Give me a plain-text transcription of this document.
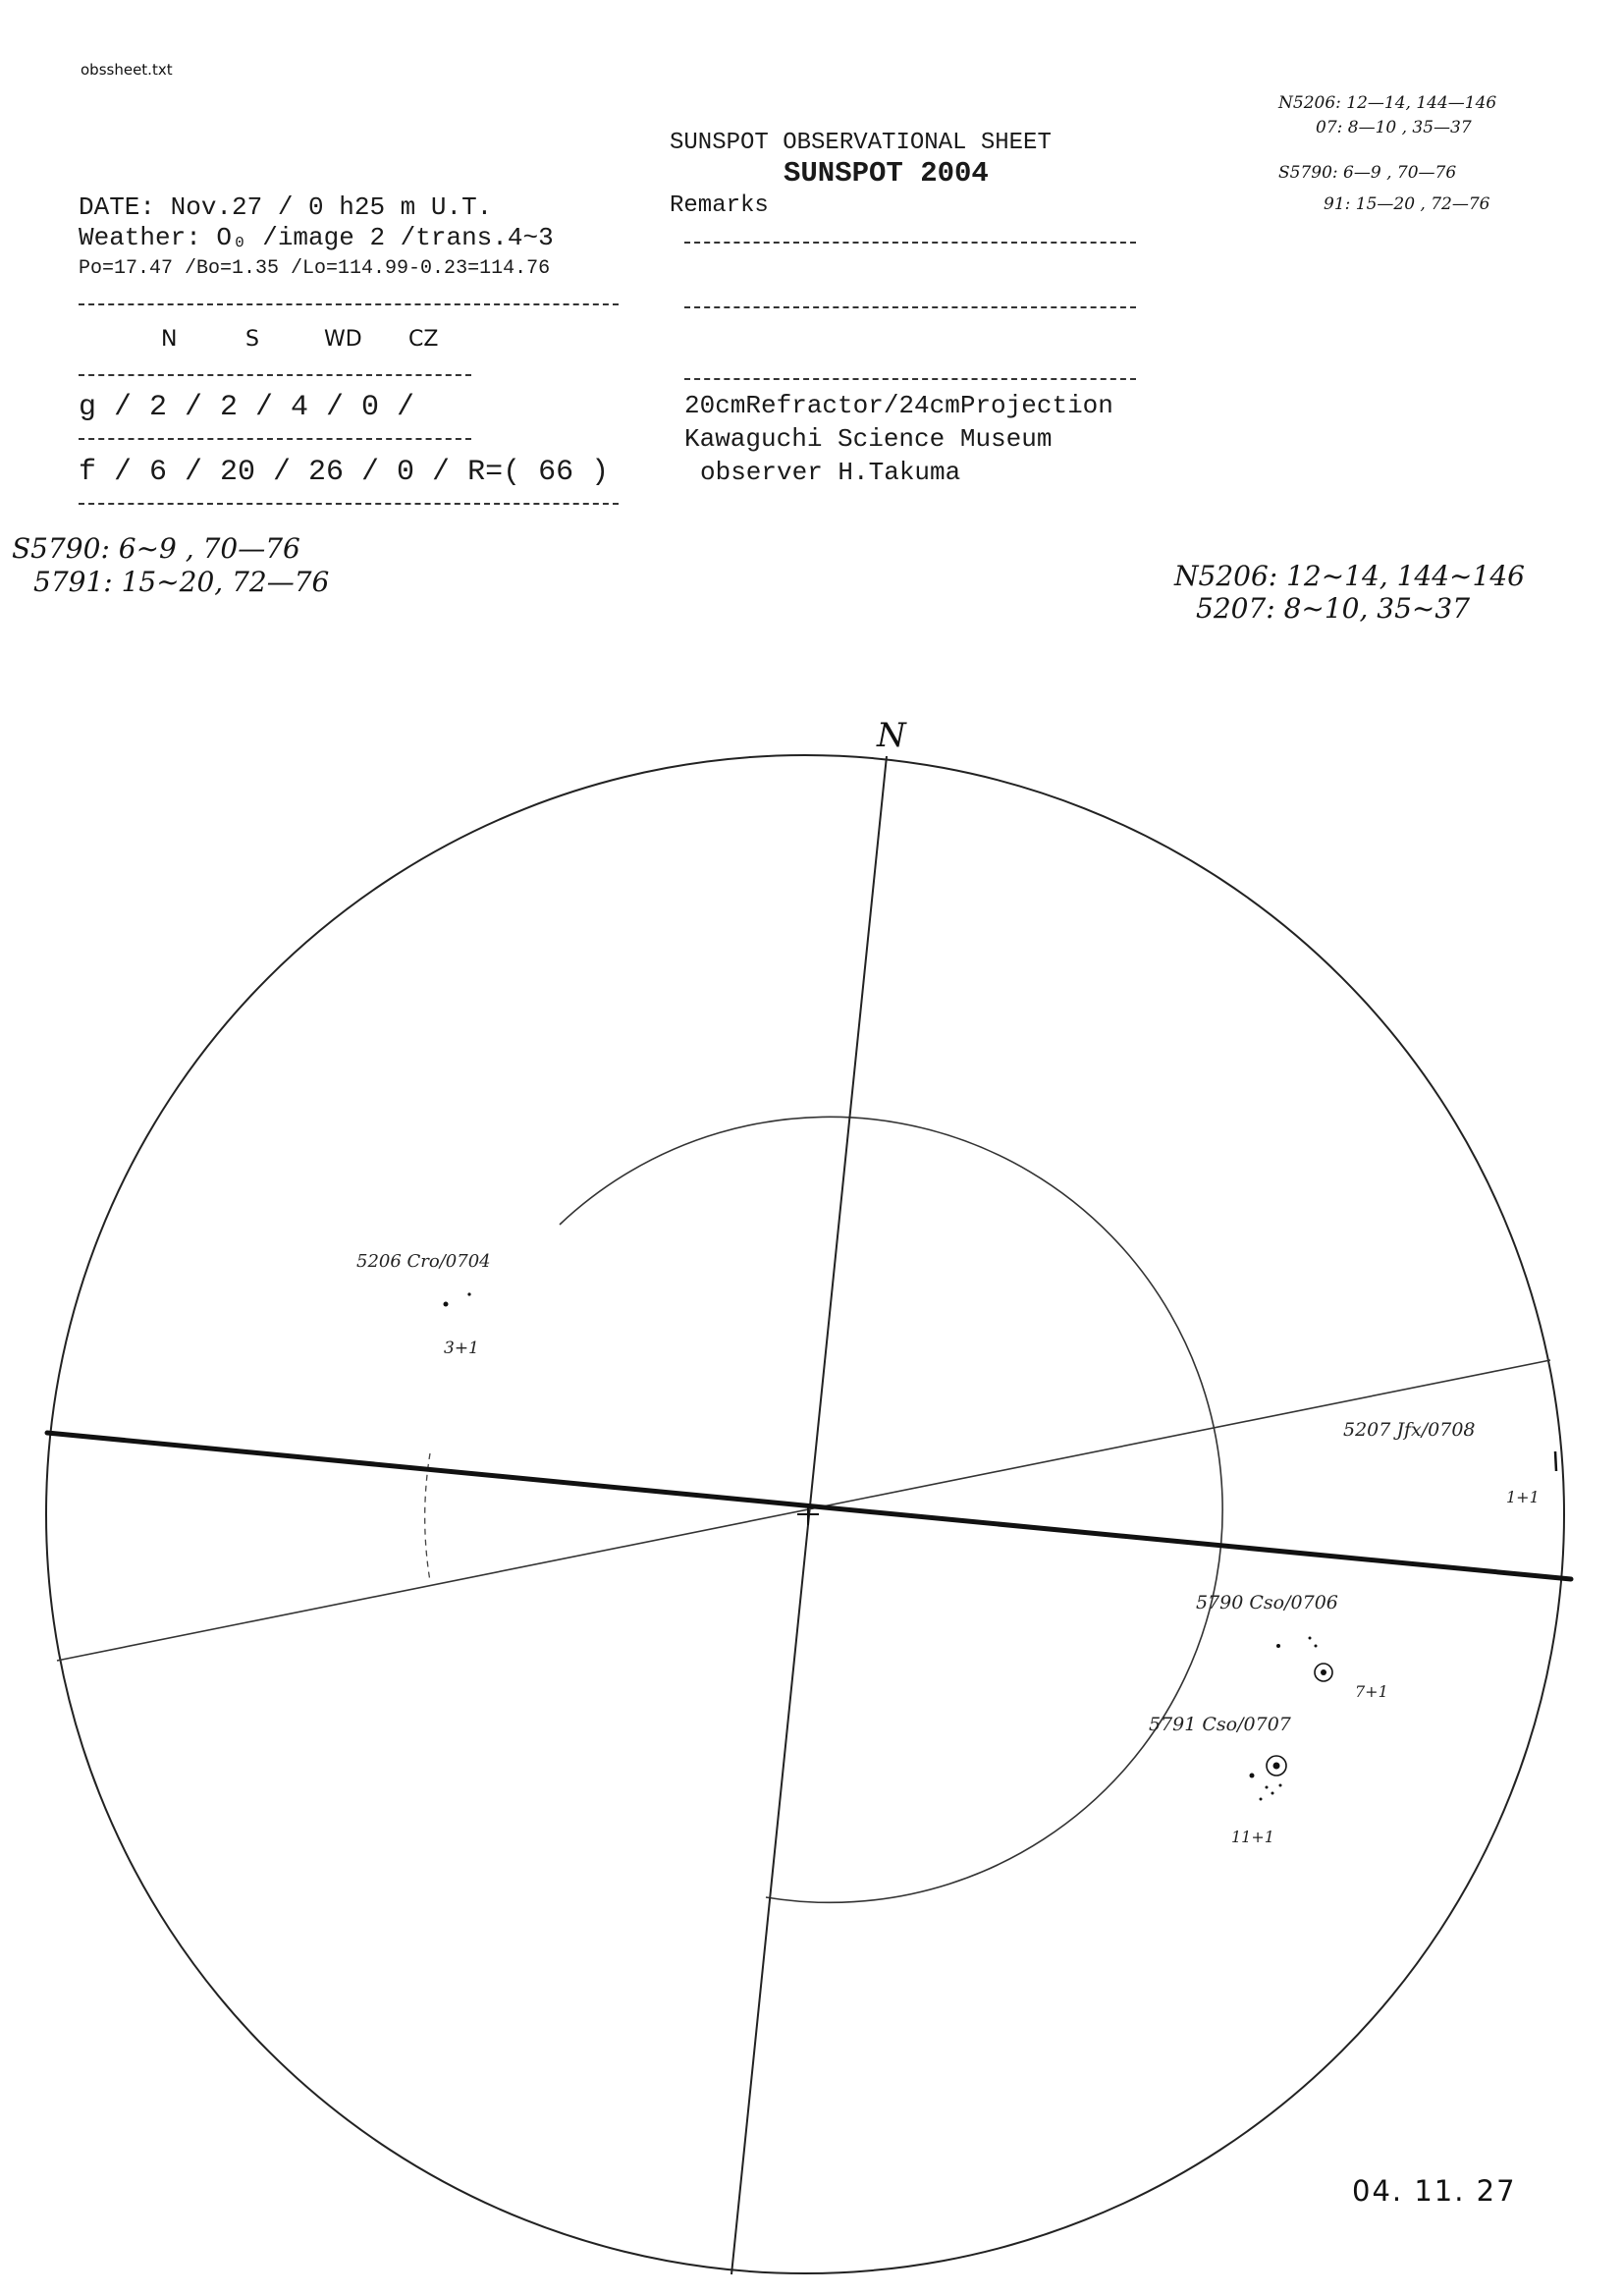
obssheet.txt
SUNSPOT OBSERVATIONAL SHEET
SUNSPOT 2004
Remarks
20cmRefractor/24cmProjection
Kawaguchi Science Museum
observer H.Takuma
DATE: Nov.27 / 0 h25 m U.T.
Weather: O₀ /image 2 /trans.4~3
Po=17.47 /Bo=1.35 /Lo=114.99-0.23=114.76
N	S	WD CZ
g / 2 / 2 / 4 / 0 /
f / 6 / 20 / 26 / 0 / R=( 66 )
S5790: 6~9 , 70—76
5791: 15~20, 72—76	N5206: 12~14, 144~146
5207: 8~10, 35~37
N5206: 12—14, 144—146
07: 8—10 , 35—37
S5790: 6—9 , 70—76
91: 15—20 , 72—76
N
5206 Cro/0704
3+1
5207 Jfx/0708
1+1
5790 Cso/0706
7+1
5791 Cso/0707
11+1
04. 11. 27
